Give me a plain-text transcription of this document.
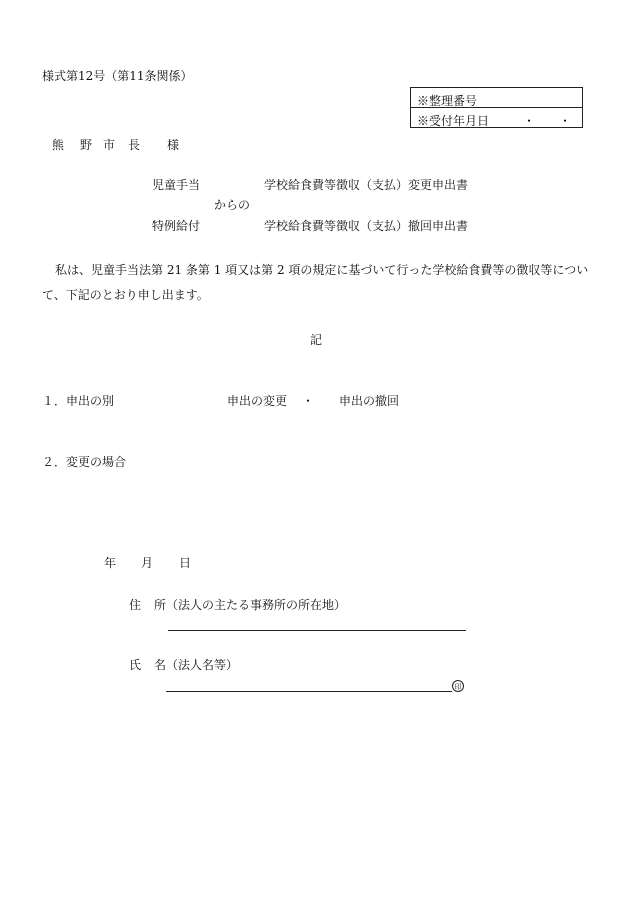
様式第12号（第11条関係）
※整理番号
※受付年月日	・　　・
熊 野 市 長 様
児童手当
からの
特例給付
学校給食費等徴収（支払）変更申出書
学校給食費等徴収（支払）撤回申出書
私は、児童手当法第 21 条第 1 項又は第 2 項の規定に基づいて行った学校給食費等の徴収等につい
て、下記のとおり申し出ます。
記
１．申出の別	申出の変更 ・ 申出の撤回
２．変更の場合
年 月 日
住 所 （法人の主たる事務所の所在地）
氏 名 （法人名等）
印
